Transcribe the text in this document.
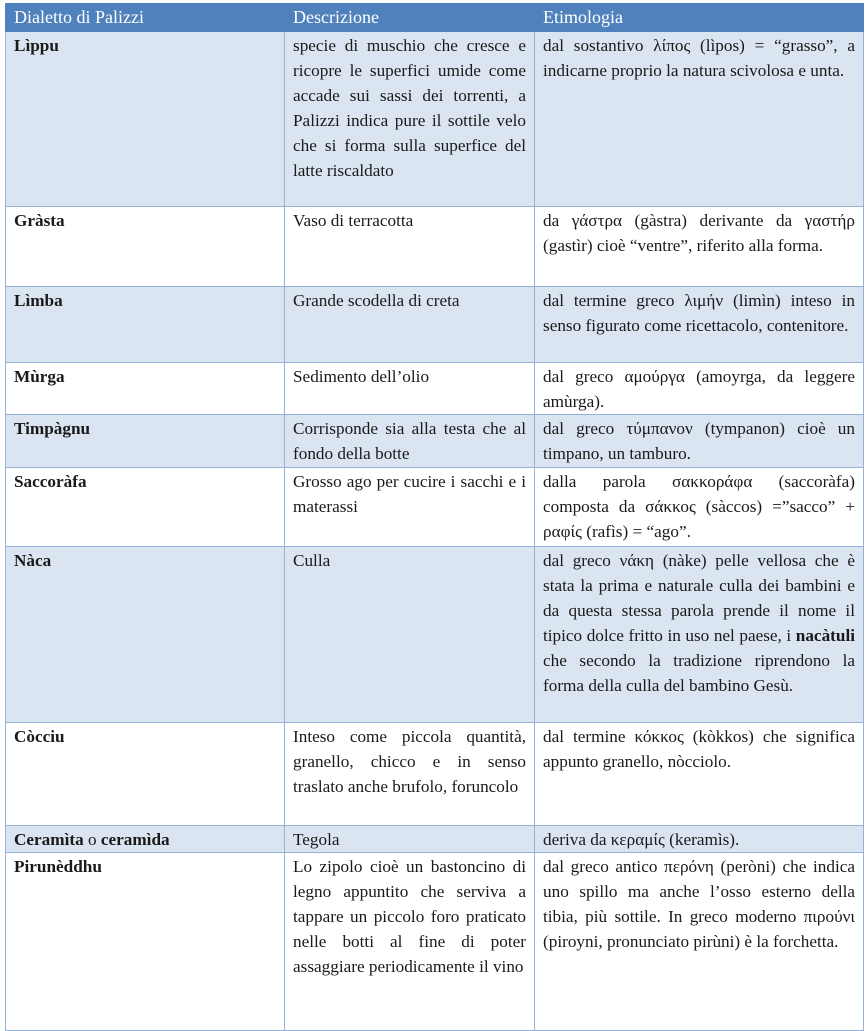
Dialetto di Palizzi	Descrizione	Etimologia
Lìppu	specie di muschio che cresce e ricopre le superfici umide come accade sui sassi dei torrenti, a Palizzi indica pure il sottile velo che si forma sulla superfice del latte riscaldato	dal sostantivo λίπος (lìpos) = “grasso”, a indicarne proprio la natura scivolosa e unta.
Gràsta	Vaso di terracotta	da γάστρα (gàstra) derivante da γαστήρ (gastìr) cioè “ventre”, riferito alla forma.
Lìmba	Grande scodella di creta	dal termine greco λιμήν (limìn) inteso in senso figurato come ricettacolo, contenitore.
Mùrga	Sedimento dell’olio	dal greco αμούργα (amoyrga, da leggere amùrga).
Timpàgnu	Corrisponde sia alla testa che al fondo della botte	dal greco τύμπανον (tympanon) cioè un timpano, un tamburo.
Saccoràfa	Grosso ago per cucire i sacchi e i materassi	dalla parola σακκοράφα (saccoràfa) composta da σάκκος (sàccos) =”sacco” + ραφίς (rafìs) = “ago”.
Nàca	Culla	dal greco νάκη (nàke) pelle vellosa che è stata la prima e naturale culla dei bambini e da questa stessa parola prende il nome il tipico dolce fritto in uso nel paese, i nacàtuli che secondo la tradizione riprendono la forma della culla del bambino Gesù.
Còcciu	Inteso come piccola quantità, granello, chicco e in senso traslato anche brufolo, foruncolo	dal termine κόκκος (kòkkos) che significa appunto granello, nòcciolo.
Ceramìta o ceramìda	Tegola	deriva da κεραμίς (keramìs).
Pirunèddhu	Lo zipolo cioè un bastoncino di legno appuntito che serviva a tappare un piccolo foro praticato nelle botti al fine di poter assaggiare periodicamente il vino	dal greco antico περόνη (peròni) che indica uno spillo ma anche l’osso esterno della tibia, più sottile. In greco moderno πιρούνι (piroyni, pronunciato pirùni) è la forchetta.
